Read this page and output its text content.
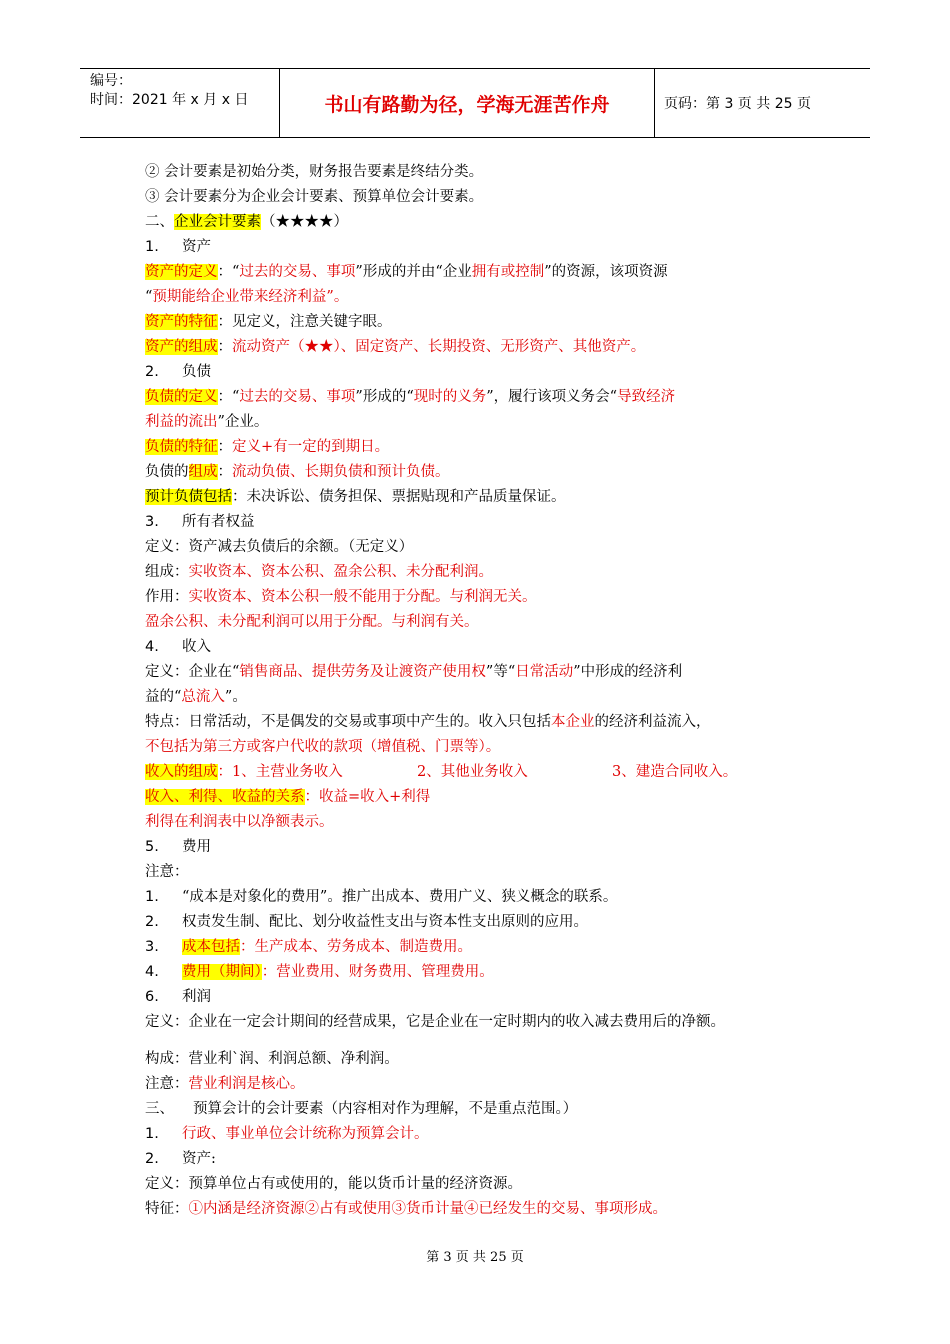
编号：
时间：2021 年 x 月 x 日	书山有路勤为径，学海无涯苦作舟	页码：第 3 页 共 25 页
② 会计要素是初始分类，财务报告要素是终结分类。
③ 会计要素分为企业会计要素、预算单位会计要素。
二、企业会计要素（★★★★）
1. 资产
资产的定义：“过去的交易、事项”形成的并由“企业拥有或控制”的资源，该项资源
“预期能给企业带来经济利益”。
资产的特征：见定义，注意关键字眼。
资产的组成：流动资产（★★）、固定资产、长期投资、无形资产、其他资产。
2. 负债
负债的定义：“过去的交易、事项”形成的“现时的义务”，履行该项义务会“导致经济
利益的流出”企业。
负债的特征：定义+有一定的到期日。
负债的组成：流动负债、长期负债和预计负债。
预计负债包括：未决诉讼、债务担保、票据贴现和产品质量保证。
3. 所有者权益
定义：资产减去负债后的余额。（无定义）
组成：实收资本、资本公积、盈余公积、未分配利润。
作用：实收资本、资本公积一般不能用于分配。与利润无关。
盈余公积、未分配利润可以用于分配。与利润有关。
4. 收入
定义：企业在“销售商品、提供劳务及让渡资产使用权”等“日常活动”中形成的经济利
益的“总流入”。
特点：日常活动，不是偶发的交易或事项中产生的。收入只包括本企业的经济利益流入，
不包括为第三方或客户代收的款项（增值税、门票等）。
收入的组成：1、主营业务收入	2、其他业务收入	3、建造合同收入。
收入、利得、收益的关系：收益=收入+利得
利得在利润表中以净额表示。
5. 费用
注意：
1. “成本是对象化的费用”。推广出成本、费用广义、狭义概念的联系。
2. 权责发生制、配比、划分收益性支出与资本性支出原则的应用。
3. 成本包括：生产成本、劳务成本、制造费用。
4. 费用（期间）：营业费用、财务费用、管理费用。
6. 利润
定义：企业在一定会计期间的经营成果，它是企业在一定时期内的收入减去费用后的净额。
构成：营业利`润、利润总额、净利润。
注意：营业利润是核心。
三、 预算会计的会计要素（内容相对作为理解，不是重点范围。）
1. 行政、事业单位会计统称为预算会计。
2. 资产:
定义：预算单位占有或使用的，能以货币计量的经济资源。
特征：①内涵是经济资源②占有或使用③货币计量④已经发生的交易、事项形成。
第 3 页 共 25 页
